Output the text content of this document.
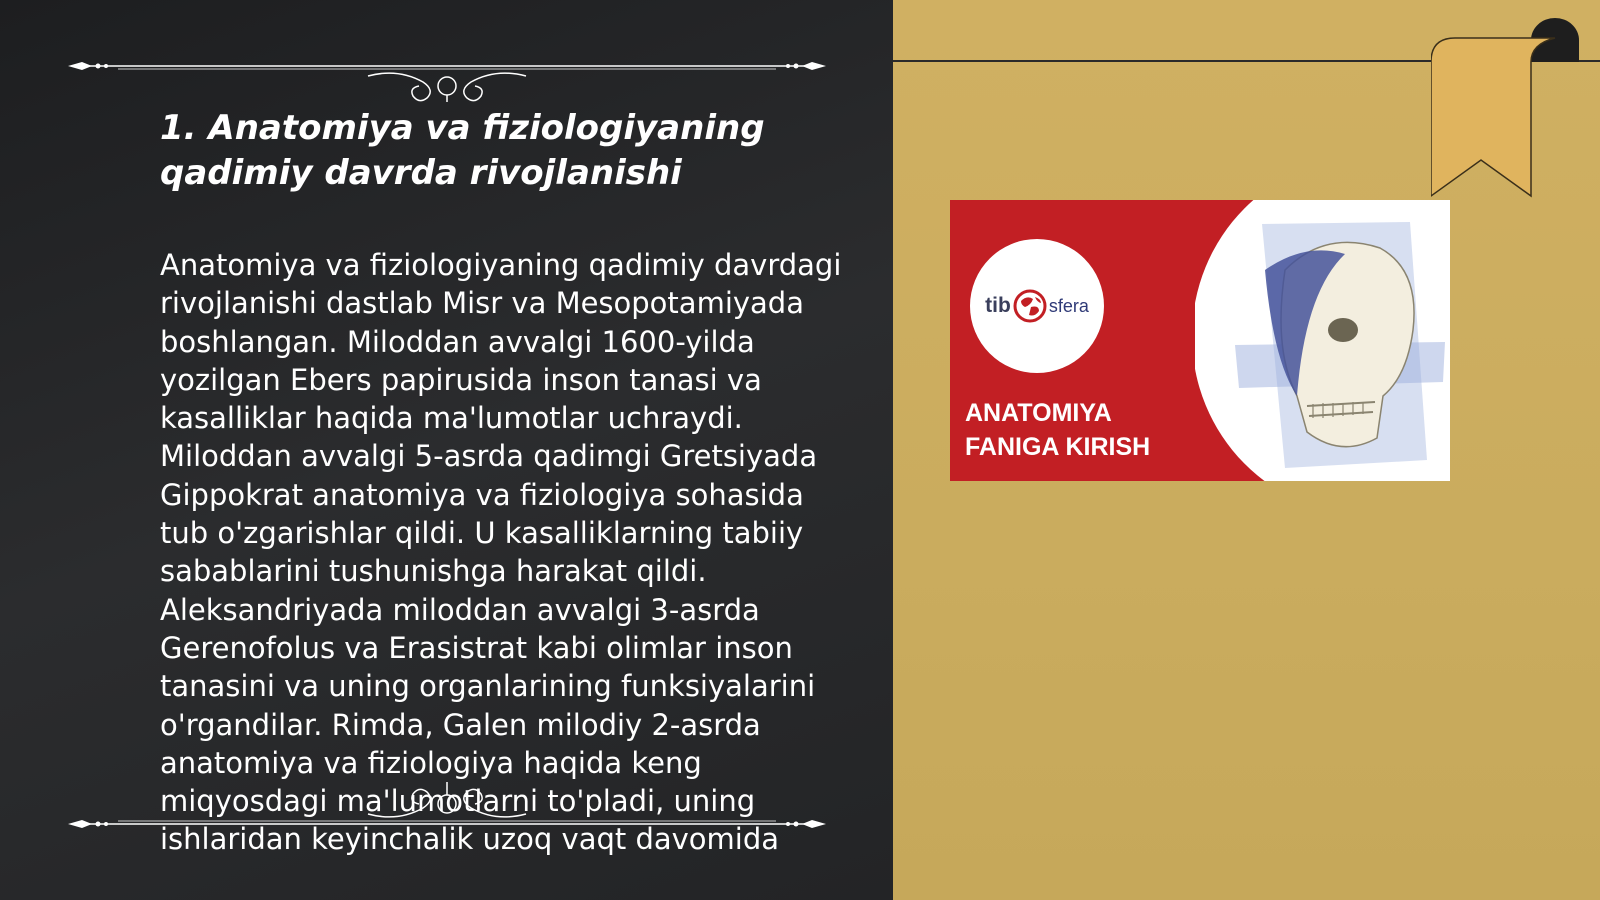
1. Anatomiya va fiziologiyaning qadimiy davrda rivojlanishi

Anatomiya va fiziologiyaning qadimiy davrdagi rivojlanishi dastlab Misr va Mesopotamiyada boshlangan. Miloddan avvalgi 1600-yilda yozilgan Ebers papirusida inson tanasi va kasalliklar haqida ma'lumotlar uchraydi. Miloddan avvalgi 5-asrda qadimgi Gretsiyada Gippokrat anatomiya va fiziologiya sohasida tub o'zgarishlar qildi. U kasalliklarning tabiiy sabablarini tushunishga harakat qildi. Aleksandriyada miloddan avvalgi 3-asrda Gerenofolus va Erasistrat kabi olimlar inson tanasini va uning organlarining funksiyalarini o'rgandilar. Rimda, Galen milodiy 2-asrda anatomiya va fiziologiya haqida keng miqyosdagi ma'lumotlarni to'pladi, uning ishlaridan keyinchalik uzoq vaqt davomida

tib sfera
ANATOMIYA
FANIGA KIRISH
